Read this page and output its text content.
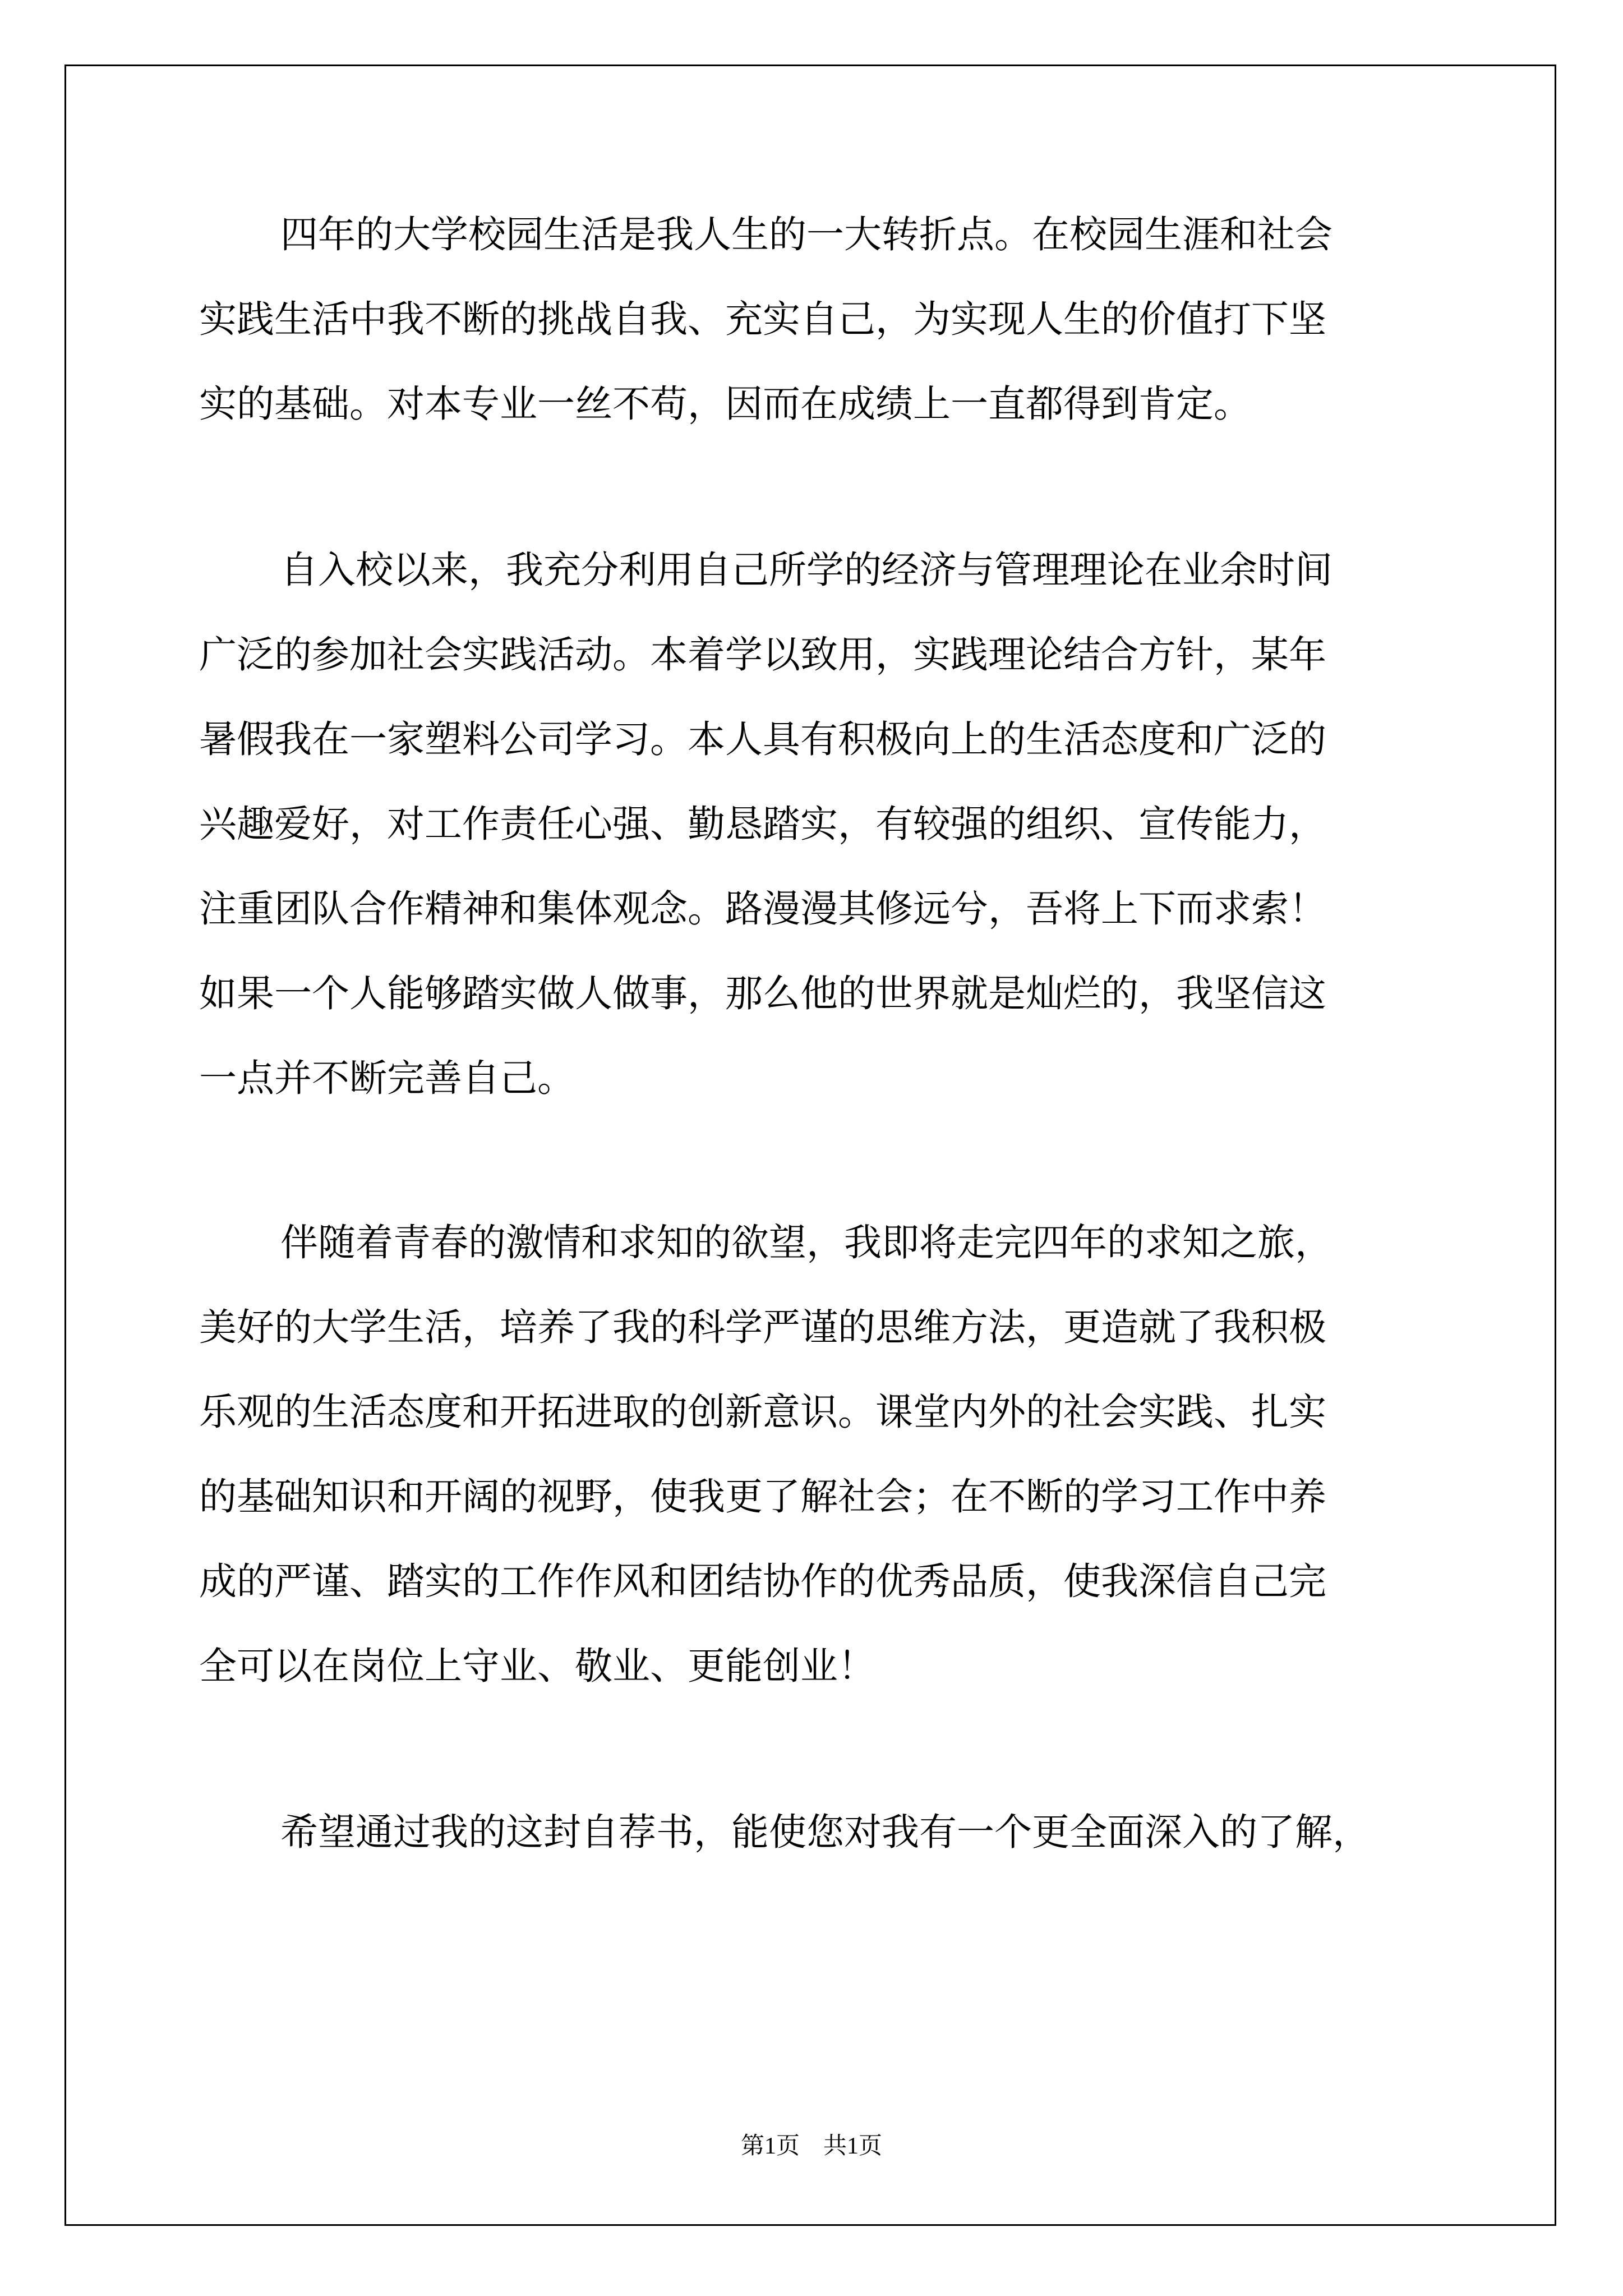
四年的大学校园生活是我人生的一大转折点。在校园生涯和社会
实践生活中我不断的挑战自我、充实自己，为实现人生的价值打下坚
实的基础。对本专业一丝不苟，因而在成绩上一直都得到肯定。
自入校以来，我充分利用自己所学的经济与管理理论在业余时间
广泛的参加社会实践活动。本着学以致用，实践理论结合方针，某年
暑假我在一家塑料公司学习。本人具有积极向上的生活态度和广泛的
兴趣爱好，对工作责任心强、勤恳踏实，有较强的组织、宣传能力，
注重团队合作精神和集体观念。路漫漫其修远兮，吾将上下而求索！
如果一个人能够踏实做人做事，那么他的世界就是灿烂的，我坚信这
一点并不断完善自己。
伴随着青春的激情和求知的欲望，我即将走完四年的求知之旅，
美好的大学生活，培养了我的科学严谨的思维方法，更造就了我积极
乐观的生活态度和开拓进取的创新意识。课堂内外的社会实践、扎实
的基础知识和开阔的视野，使我更了解社会；在不断的学习工作中养
成的严谨、踏实的工作作风和团结协作的优秀品质，使我深信自己完
全可以在岗位上守业、敬业、更能创业！
希望通过我的这封自荐书，能使您对我有一个更全面深入的了解，
第1页　共1页
